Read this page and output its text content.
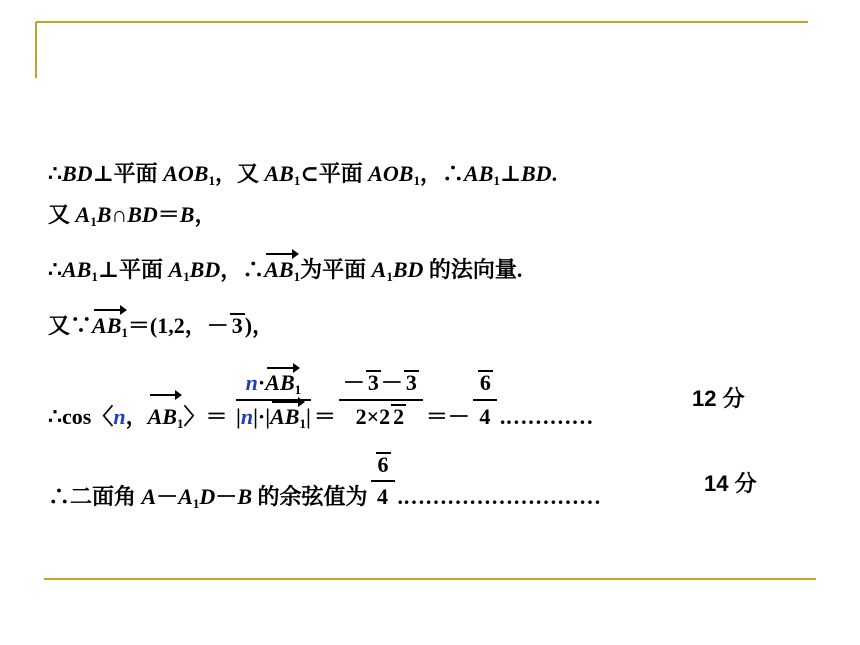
∴BD⊥平面 $AOB_1$，又 $AB_1\subset$平面 $AOB_1$，$\therefore AB_1\perp BD$.
又 $A_1B\cap BD=B$，
$\therefore AB_1\perp$平面 $A_1BD$，$\therefore AB_1$为平面 $A_1BD$ 的法向量.
又$\because AB_1=(1,2$，－ 3)，
∴cos〈n，$AB_1$〉＝ $\frac{n\cdot AB_1}{|n|\cdot|AB_1|} = \frac{- 3- 3}{2\times 2 2} =- \frac{6}{4}$ .…………
12 分
∴二面角 $A-A_1D-B$ 的余弦值为 $\frac{6}{4}$ .………………………
14 分
